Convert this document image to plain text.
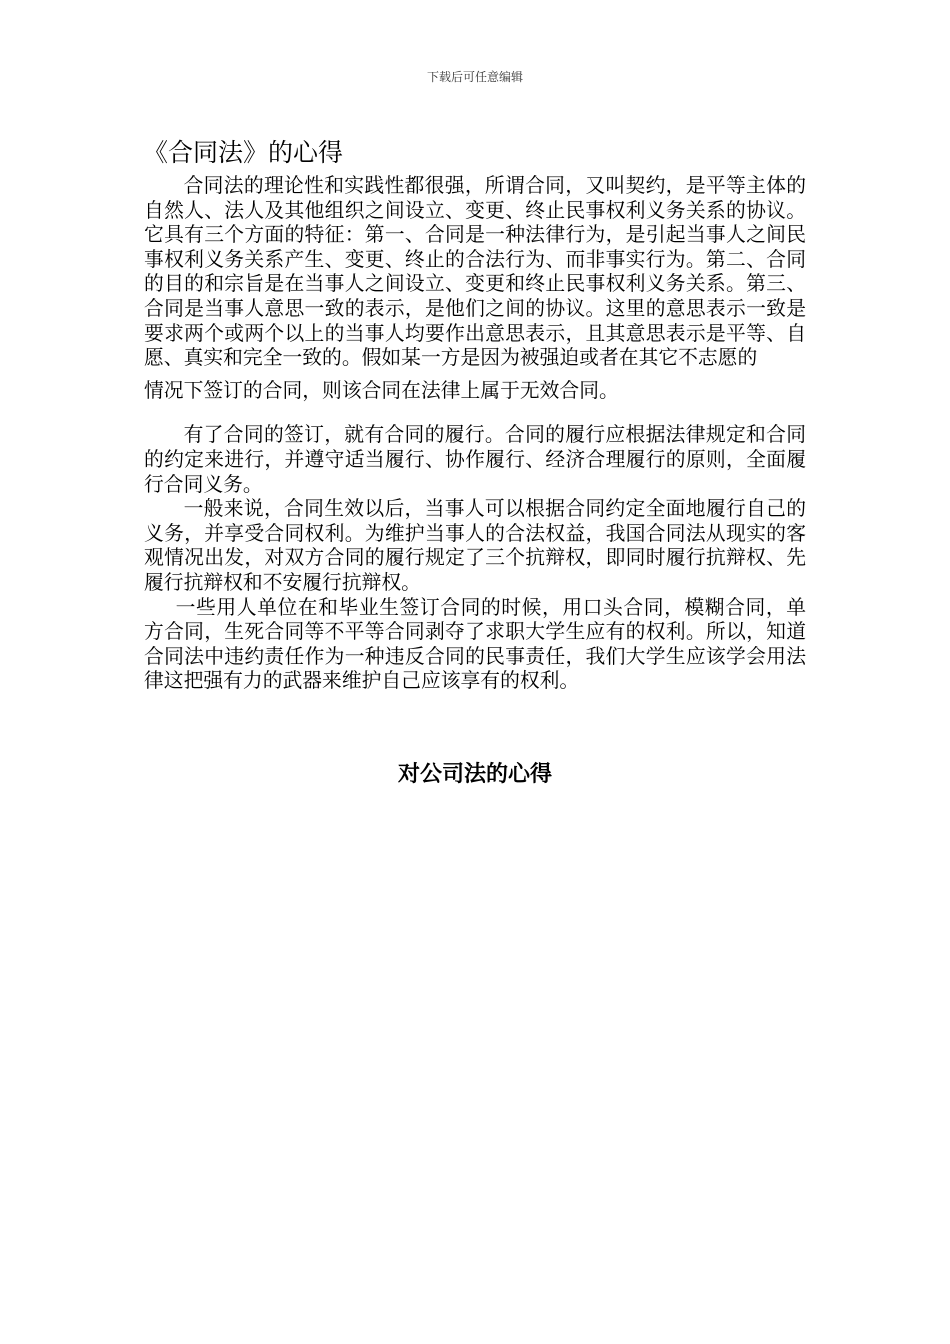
下载后可任意编辑
《合同法》的心得

合同法的理论性和实践性都很强，所谓合同，又叫契约，是平等主体的自然人、法人及其他组织之间设立、变更、终止民事权利义务关系的协议。它具有三个方面的特征：第一、合同是一种法律行为，是引起当事人之间民事权利义务关系产生、变更、终止的合法行为、而非事实行为。第二、合同的目的和宗旨是在当事人之间设立、变更和终止民事权利义务关系。第三、合同是当事人意思一致的表示，是他们之间的协议。这里的意思表示一致是要求两个或两个以上的当事人均要作出意思表示，且其意思表示是平等、自愿、真实和完全一致的。假如某一方是因为被强迫或者在其它不志愿的

情况下签订的合同，则该合同在法律上属于无效合同。

有了合同的签订，就有合同的履行。合同的履行应根据法律规定和合同的约定来进行，并遵守适当履行、协作履行、经济合理履行的原则，全面履行合同义务。

一般来说，合同生效以后，当事人可以根据合同约定全面地履行自己的义务，并享受合同权利。为维护当事人的合法权益，我国合同法从现实的客观情况出发，对双方合同的履行规定了三个抗辩权，即同时履行抗辩权、先履行抗辩权和不安履行抗辩权。

一些用人单位在和毕业生签订合同的时候，用口头合同，模糊合同，单方合同，生死合同等不平等合同剥夺了求职大学生应有的权利。所以，知道合同法中违约责任作为一种违反合同的民事责任，我们大学生应该学会用法律这把强有力的武器来维护自己应该享有的权利。

对公司法的心得
